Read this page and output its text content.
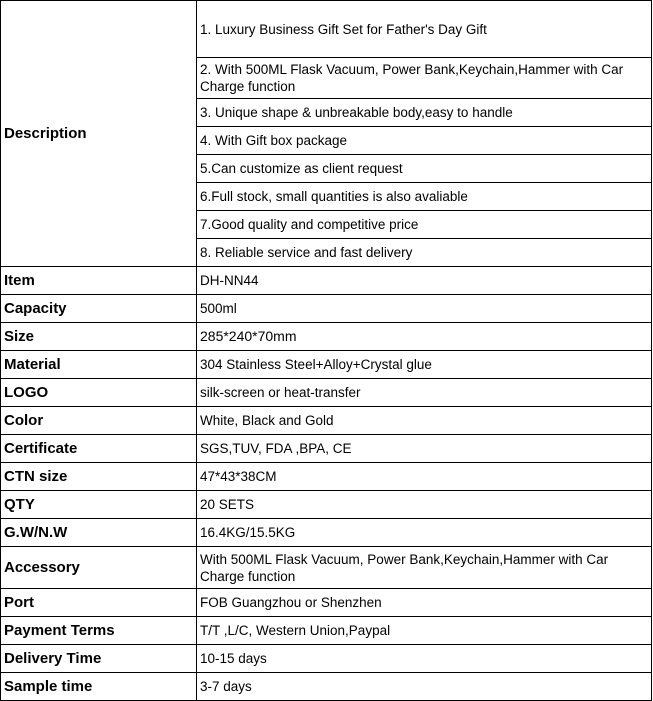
Description	1. Luxury Business Gift Set for Father's Day Gift
	2. With 500ML Flask Vacuum, Power Bank,Keychain,Hammer with Car Charge function
	3. Unique shape & unbreakable body,easy to handle
	4. With Gift box package
	5.Can customize as client request
	6.Full stock, small quantities is also avaliable
	7.Good quality and competitive price
	8. Reliable service and fast delivery
Item	DH-NN44
Capacity	500ml
Size	285*240*70mm
Material	304 Stainless Steel+Alloy+Crystal glue
LOGO	silk-screen or heat-transfer
Color	White, Black and Gold
Certificate	SGS,TUV, FDA ,BPA, CE
CTN size	47*43*38CM
QTY	20 SETS
G.W/N.W	16.4KG/15.5KG
Accessory	With 500ML Flask Vacuum, Power Bank,Keychain,Hammer with Car Charge function
Port	FOB Guangzhou or Shenzhen
Payment Terms	T/T ,L/C, Western Union,Paypal
Delivery Time	10-15 days
Sample time	3-7 days
